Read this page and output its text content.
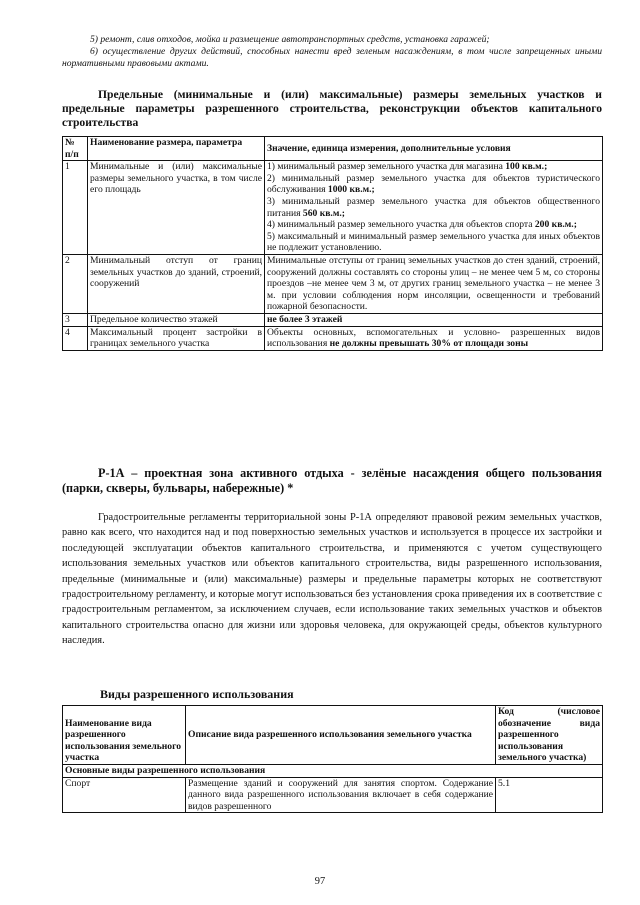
5) ремонт, слив отходов, мойка и размещение автотранспортных средств, установка гаражей;

6) осуществление других действий, способных нанести вред зеленым насаждениям, в том числе запрещенных иными нормативными правовыми актами.

Предельные (минимальные и (или) максимальные) размеры земельных участков и предельные параметры разрешенного строительства, реконструкции объектов капитального строительства

№ п/п	Наименование размера, параметра	Значение, единица измерения, дополнительные условия
1	Минимальные и (или) максимальные размеры земельного участка, в том числе его площадь	1) минимальный размер земельного участка для магазина 100 кв.м.;

2) минимальный размер земельного участка для объектов туристического обслуживания 1000 кв.м.;

3) минимальный размер земельного участка для объектов общественного питания 560 кв.м.;

4) минимальный размер земельного участка для объектов спорта 200 кв.м.;

5) максимальный и минимальный размер земельного участка для иных объектов не подлежит установлению.

2	Минимальный отступ от границ земельных участков до зданий, строений, сооружений	Минимальные отступы от границ земельных участков до стен зданий, строений, сооружений должны составлять со стороны улиц – не менее чем 5 м, со стороны проездов –не менее чем 3 м, от других границ земельного участка – не менее 3 м. при условии соблюдения норм инсоляции, освещенности и требований пожарной безопасности.
3	Предельное количество этажей	не более 3 этажей
4	Максимальный процент застройки в границах земельного участка	Объекты основных, вспомогательных и условно- разрешенных видов использования не должны превышать 30% от площади зоны

Р-1А – проектная зона активного отдыха - зелёные насаждения общего пользования (парки, скверы, бульвары, набережные) *

Градостроительные регламенты территориальной зоны Р-1А определяют правовой режим земельных участков, равно как всего, что находится над и под поверхностью земельных участков и используется в процессе их застройки и последующей эксплуатации объектов капитального строительства, и применяются с учетом существующего использования земельных участков или объектов капитального строительства, виды разрешенного использования, предельные (минимальные и (или) максимальные) размеры и предельные параметры которых не соответствуют градостроительному регламенту, и которые могут использоваться без установления срока приведения их в соответствие с градостроительным регламентом, за исключением случаев, если использование таких земельных участков и объектов капитального строительства опасно для жизни или здоровья человека, для окружающей среды, объектов культурного наследия.

Виды разрешенного использования

Наименование вида разрешенного использования земельного участка	Описание вида разрешенного использования земельного участка	Код (числовое обозначение вида разрешенного использования земельного участка)
Основные виды разрешенного использования		
Спорт	Размещение зданий и сооружений для занятия спортом. Содержание данного вида разрешенного использования включает в себя содержание видов разрешенного	5.1
97
